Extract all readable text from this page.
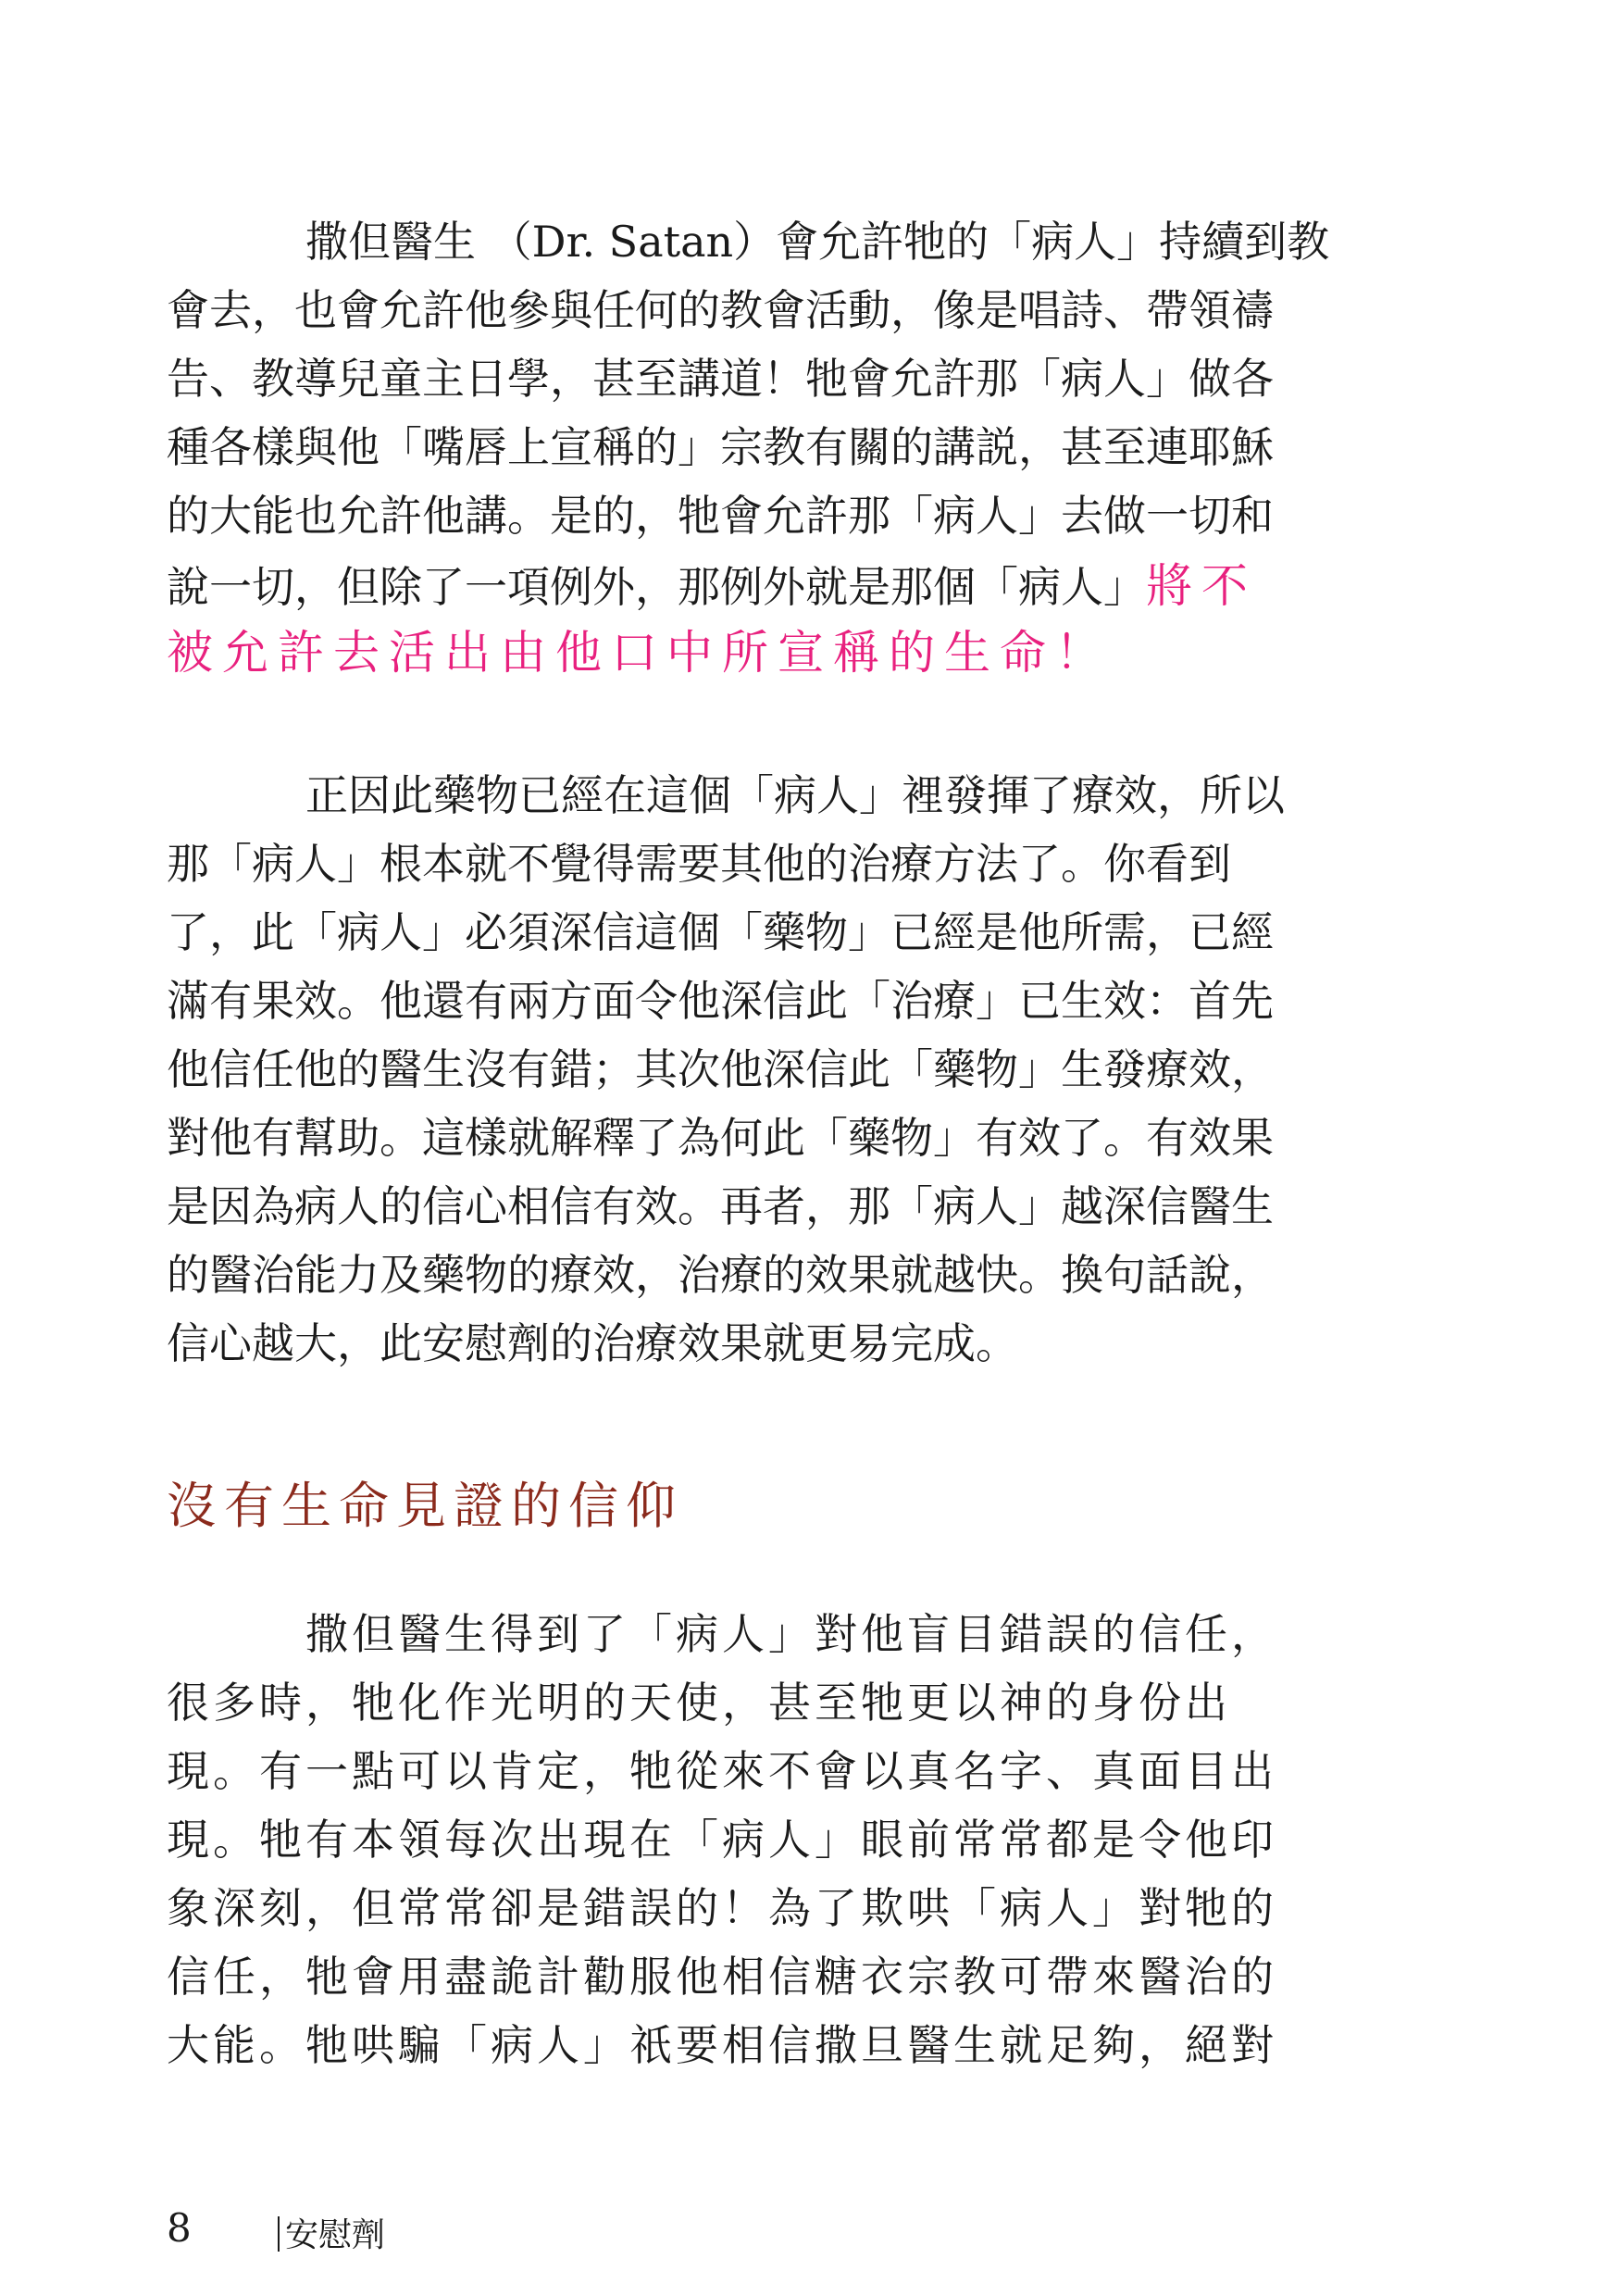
撒但醫生 （Dr. Satan）會允許牠的「病人」持續到教
會去，也會允許他參與任何的教會活動，像是唱詩、帶領禱
告、教導兒童主日學，甚至講道！牠會允許那「病人」做各
種各樣與他「嘴唇上宣稱的」宗教有關的講説，甚至連耶穌
的大能也允許他講。是的，牠會允許那「病人」去做一切和
說一切，但除了一項例外，那例外就是那個「病人」將不
被允許去活出由他口中所宣稱的生命！
正因此藥物已經在這個「病人」裡發揮了療效，所以
那「病人」根本就不覺得需要其他的治療方法了。你看到
了，此「病人」必須深信這個「藥物」已經是他所需，已經
滿有果效。他還有兩方面令他深信此「治療」已生效：首先
他信任他的醫生沒有錯；其次他深信此「藥物」生發療效，
對他有幫助。這樣就解釋了為何此「藥物」有效了。有效果
是因為病人的信心相信有效。再者，那「病人」越深信醫生
的醫治能力及藥物的療效，治療的效果就越快。換句話說，
信心越大，此安慰劑的治療效果就更易完成。
沒有生命見證的信仰
撒但醫生得到了「病人」對他盲目錯誤的信任，
很多時，牠化作光明的天使，甚至牠更以神的身份出
現。有一點可以肯定，牠從來不會以真名字、真面目出
現。牠有本領每次出現在「病人」眼前常常都是令他印
象深刻，但常常卻是錯誤的！為了欺哄「病人」對牠的
信任，牠會用盡詭計勸服他相信糖衣宗教可帶來醫治的
大能。牠哄騙「病人」祇要相信撒旦醫生就足夠，絕對
8	安慰劑
